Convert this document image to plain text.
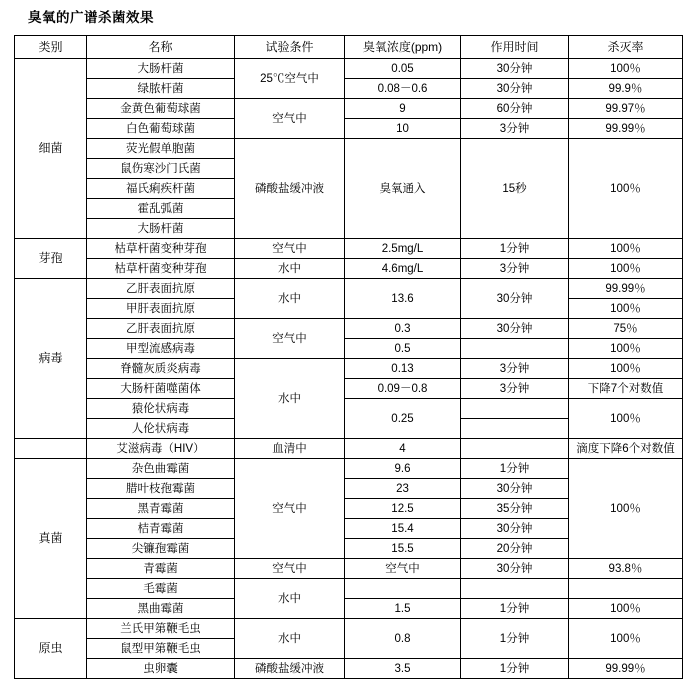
臭氧的广谱杀菌效果
类别	名称	试验条件	臭氧浓度(ppm)	作用时间	杀灭率
细菌	大肠杆菌	25℃空气中	0.05	30分钟	100％
	绿脓杆菌		0.08－0.6	30分钟	99.9％
	金黄色葡萄球菌	空气中	9	60分钟	99.97％
	白色葡萄球菌		10	3分钟	99.99％
	荧光假单胞菌	磷酸盐缓冲液	臭氧通入	15秒	100％
	鼠伤寒沙门氏菌				
	福氏痢疾杆菌				
	霍乱弧菌				
	大肠杆菌				
芽孢	枯草杆菌变种芽孢	空气中	2.5mg/L	1分钟	100％
	枯草杆菌变种芽孢	水中	4.6mg/L	3分钟	100％
病毒	乙肝表面抗原	水中	13.6	30分钟	99.99％
	甲肝表面抗原				100％
	乙肝表面抗原	空气中	0.3	30分钟	75％
	甲型流感病毒		0.5		100％
	脊髓灰质炎病毒	水中	0.13	3分钟	100％
	大肠杆菌噬菌体		0.09－0.8	3分钟	下降7个对数值
	猿伦状病毒		0.25		100％
	人伦状病毒				
	艾滋病毒（HIV）	血清中	4		滴度下降6个对数值
真菌	杂色曲霉菌	空气中	9.6	1分钟	100％
	腊叶枝孢霉菌		23	30分钟	
	黑青霉菌		12.5	35分钟	
	桔青霉菌		15.4	30分钟	
	尖镰孢霉菌		15.5	20分钟	
	青霉菌	空气中	空气中	30分钟	93.8％
	毛霉菌	水中			
	黑曲霉菌		1.5	1分钟	100％
原虫	兰氏甲第鞭毛虫	水中	0.8	1分钟	100％
	鼠型甲第鞭毛虫				
	虫卵囊	磷酸盐缓冲液	3.5	1分钟	99.99％
